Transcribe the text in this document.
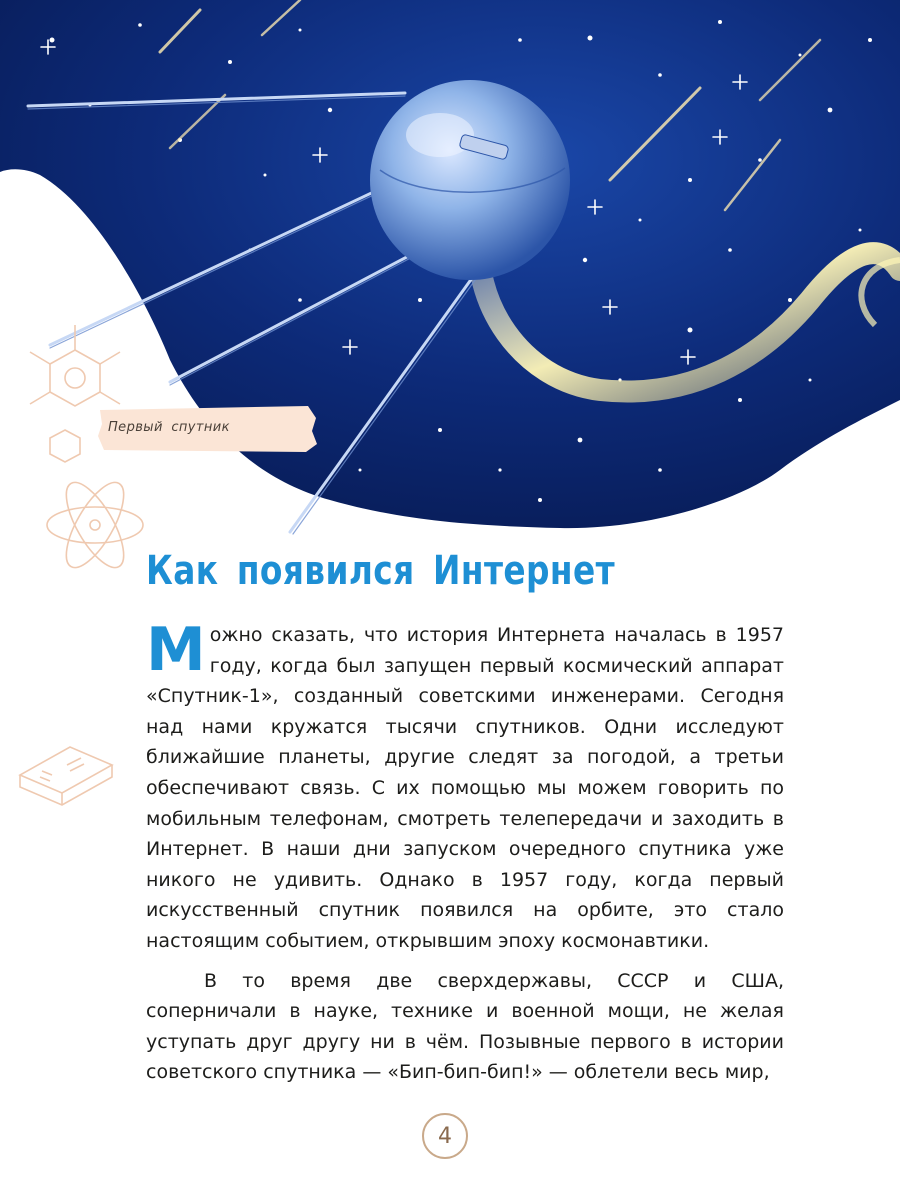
Первый спутник
Как появился Интернет

Можно сказать, что история Интернета началась в 1957 году, когда был запущен первый космический аппарат «Спутник-1», созданный советскими инженерами. Сегодня над нами кружатся тысячи спутников. Одни исследуют ближайшие планеты, другие следят за погодой, а третьи обеспечивают связь. С их помощью мы можем говорить по мобильным телефонам, смотреть телепередачи и заходить в Интернет. В наши дни запуском очередного спутника уже никого не удивить. Однако в 1957 году, когда первый искусственный спутник появился на орбите, это стало настоящим событием, открывшим эпоху космонавтики.

В то время две сверхдержавы, СССР и США, соперничали в науке, технике и военной мощи, не желая уступать друг другу ни в чём. Позывные первого в истории советского спутника — «Бип-бип-бип!» — облетели весь мир,

4
